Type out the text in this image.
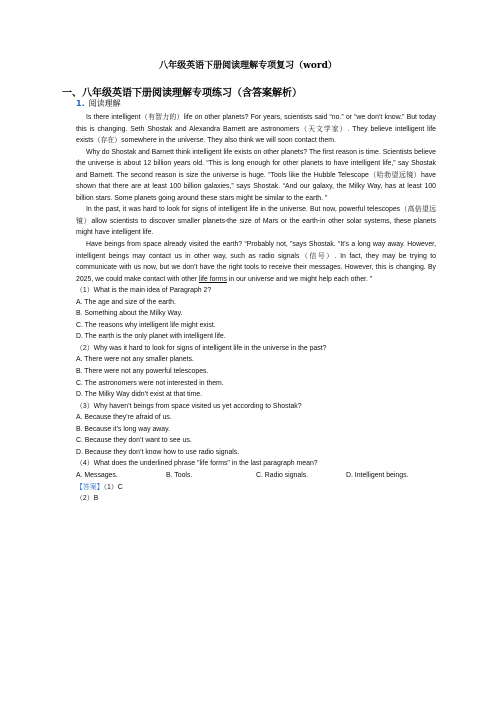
八年级英语下册阅读理解专项复习（word）
一、八年级英语下册阅读理解专项练习（含答案解析）
1. 阅读理解

Is there intelligent（有智力的）life on other planets? For years, scientists said “no.” or “we don’t know.” But today this is changing. Seth Shostak and Alexandra Barnett are astronomers（天文学家）. They believe intelligent life exists（存在）somewhere in the universe. They also think we will soon contact them.

Why do Shostak and Barnett think intelligent life exists on other planets? The first reason is time. Scientists believe the universe is about 12 billion years old. “This is long enough for other planets to have intelligent life,” say Shostak and Barnett. The second reason is size the universe is huge. “Tools like the Hubble Telescope（哈勃望远镜）have shown that there are at least 100 billion galaxies,” says Shostak. “And our galaxy, the Milky Way, has at least 100 billion stars. Some planets going around these stars might be similar to the earth. ”

In the past, it was hard to look for signs of intelligent life in the universe. But now, powerful telescopes（高倍望远镜）allow scientists to discover smaller planets-the size of Mars or the earth-in other solar systems, these planets might have intelligent life.

Have beings from space already visited the earth? “Probably not, ”says Shostak. “It’s a long way away. However, intelligent beings may contact us in other way, such as radio signals（信号）. In fact, they may be trying to communicate with us now, but we don’t have the right tools to receive their messages. However, this is changing. By 2025, we could make contact with other life forms in our universe and we might help each other. ”

（1）What is the main idea of Paragraph 2?

A. The age and size of the earth.

B. Something about the Milky Way.

C. The reasons why intelligent life might exist.

D. The earth is the only planet with intelligent life.

（2）Why was it hard to look for signs of intelligent life in the universe in the past?

A. There were not any smaller planets.

B. There were not any powerful telescopes.

C. The astronomers were not interested in them.

D. The Milky Way didn’t exist at that time.

（3）Why haven’t beings from space visited us yet according to Shostak?

A. Because they’re afraid of us.

B. Because it’s long way away.

C. Because they don’t want to see us.

D. Because they don’t know how to use radio signals.

（4）What does the underlined phrase "life forms" in the last paragraph mean?

A. Messages.	B. Tools.	C. Radio signals.	D. Intelligent beings.

【答案】（1）C

（2）B
